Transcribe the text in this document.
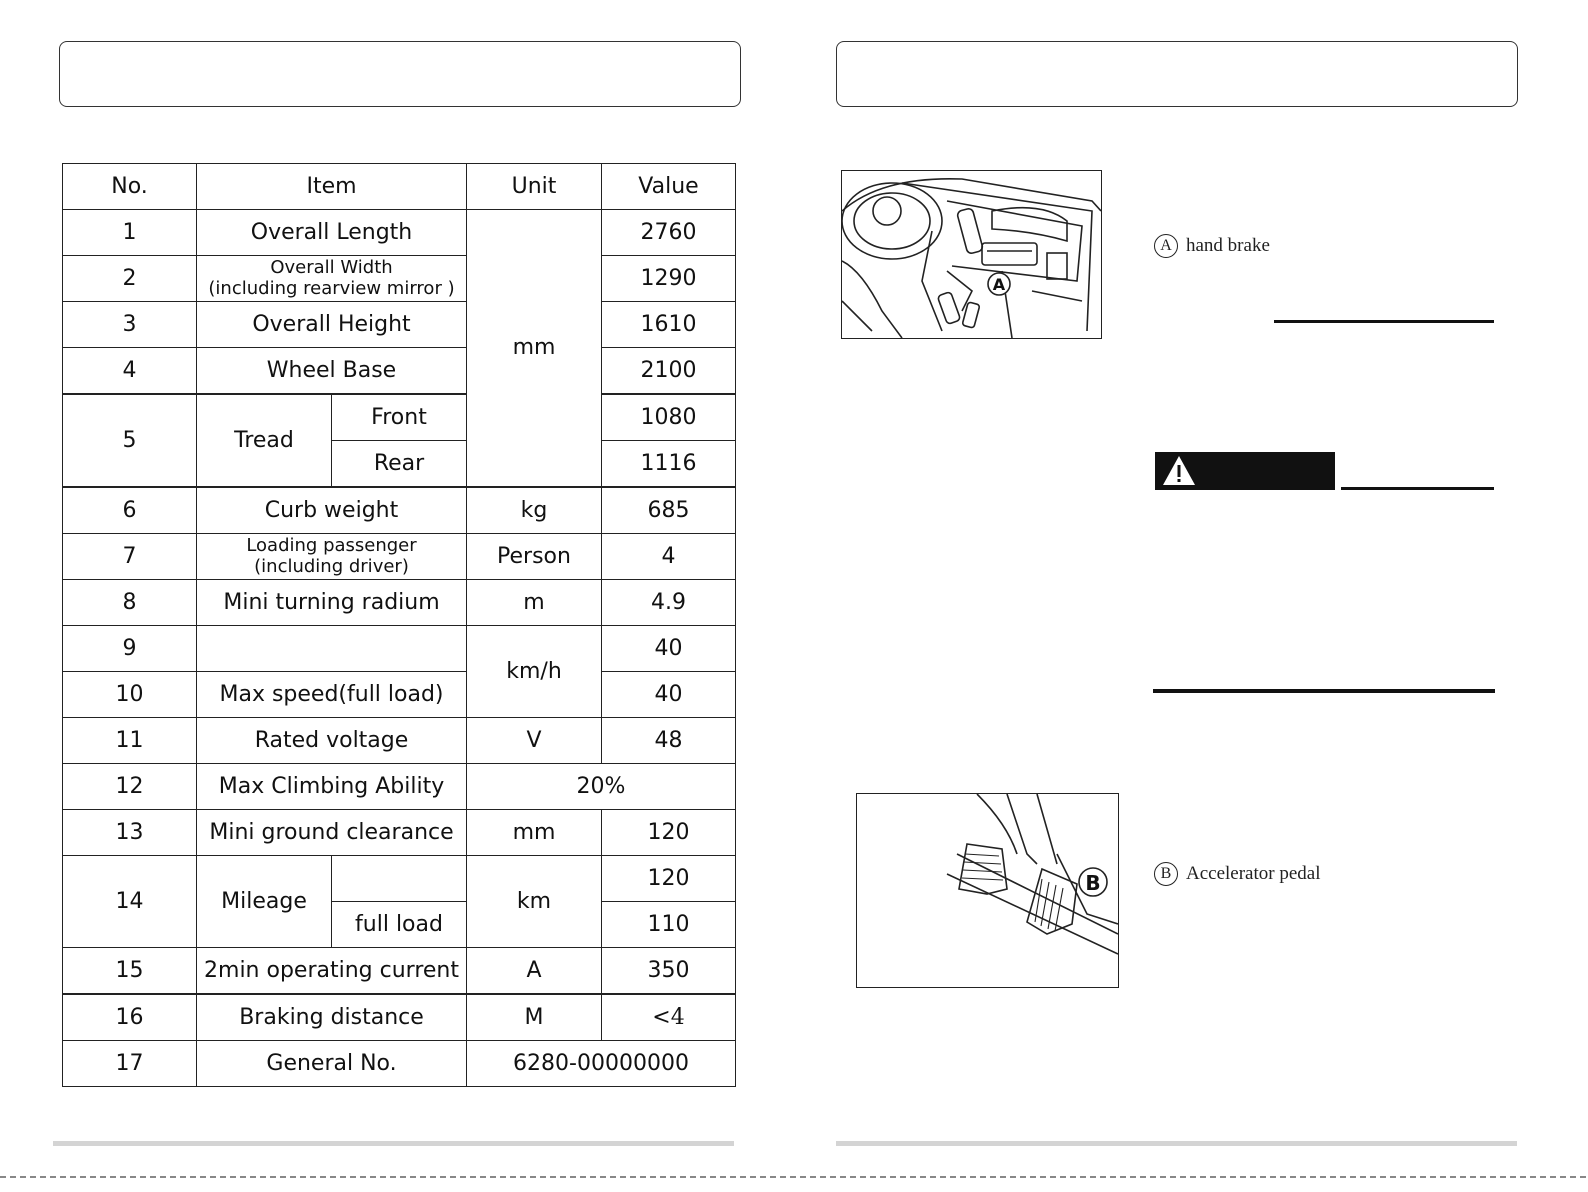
No.	Item		Unit	Value
1	Overall Length		mm	2760
2	Overall Width
(including rearview mirror )			1290
3	Overall Height			1610
4	Wheel Base			2100
5	Tread	Front		1080
		Rear		1116
6	Curb weight		kg	685
7	Loading passenger
(including driver)		Person	4
8	Mini turning radium		m	4.9
9			km/h	40
10	Max speed(full load)			40
11	Rated voltage		V	48
12	Max Climbing Ability		20%	
13	Mini ground clearance		mm	120
14	Mileage		km	120
		full load		110
15	2min operating current		A	350
16	Braking distance		M	<4
17	General No.		6280-00000000	
A
A hand brake
B	B Accelerator pedal
